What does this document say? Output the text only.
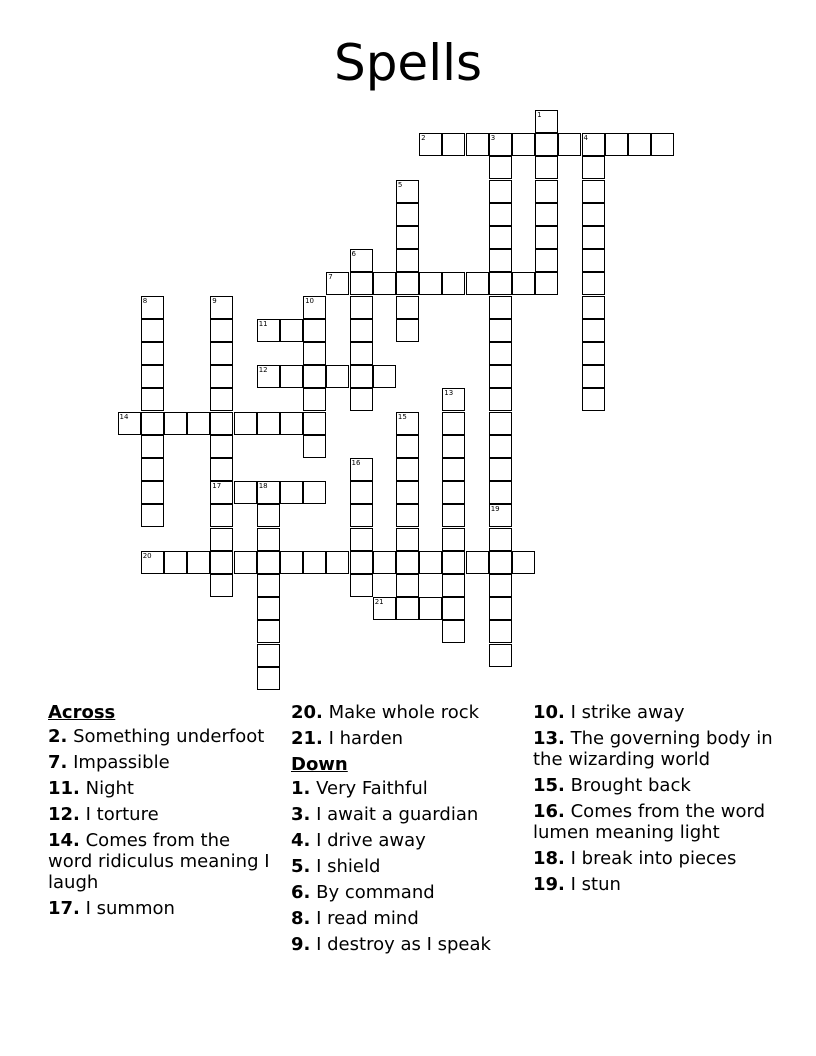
Spells
1
2	3	4
5
6
7
8	9
17
10
11
12
13
14	15
16
18
19
20
21
Across
2. Something underfoot
7. Impassible
11. Night
12. I torture
14. Comes from the word ridiculus meaning I laugh
17. I summon
20. Make whole rock
21. I harden
Down
1. Very Faithful
3. I await a guardian
4. I drive away
5. I shield
6. By command
8. I read mind
9. I destroy as I speak
10. I strike away
13. The governing body in the wizarding world
15. Brought back
16. Comes from the word lumen meaning light
18. I break into pieces
19. I stun
